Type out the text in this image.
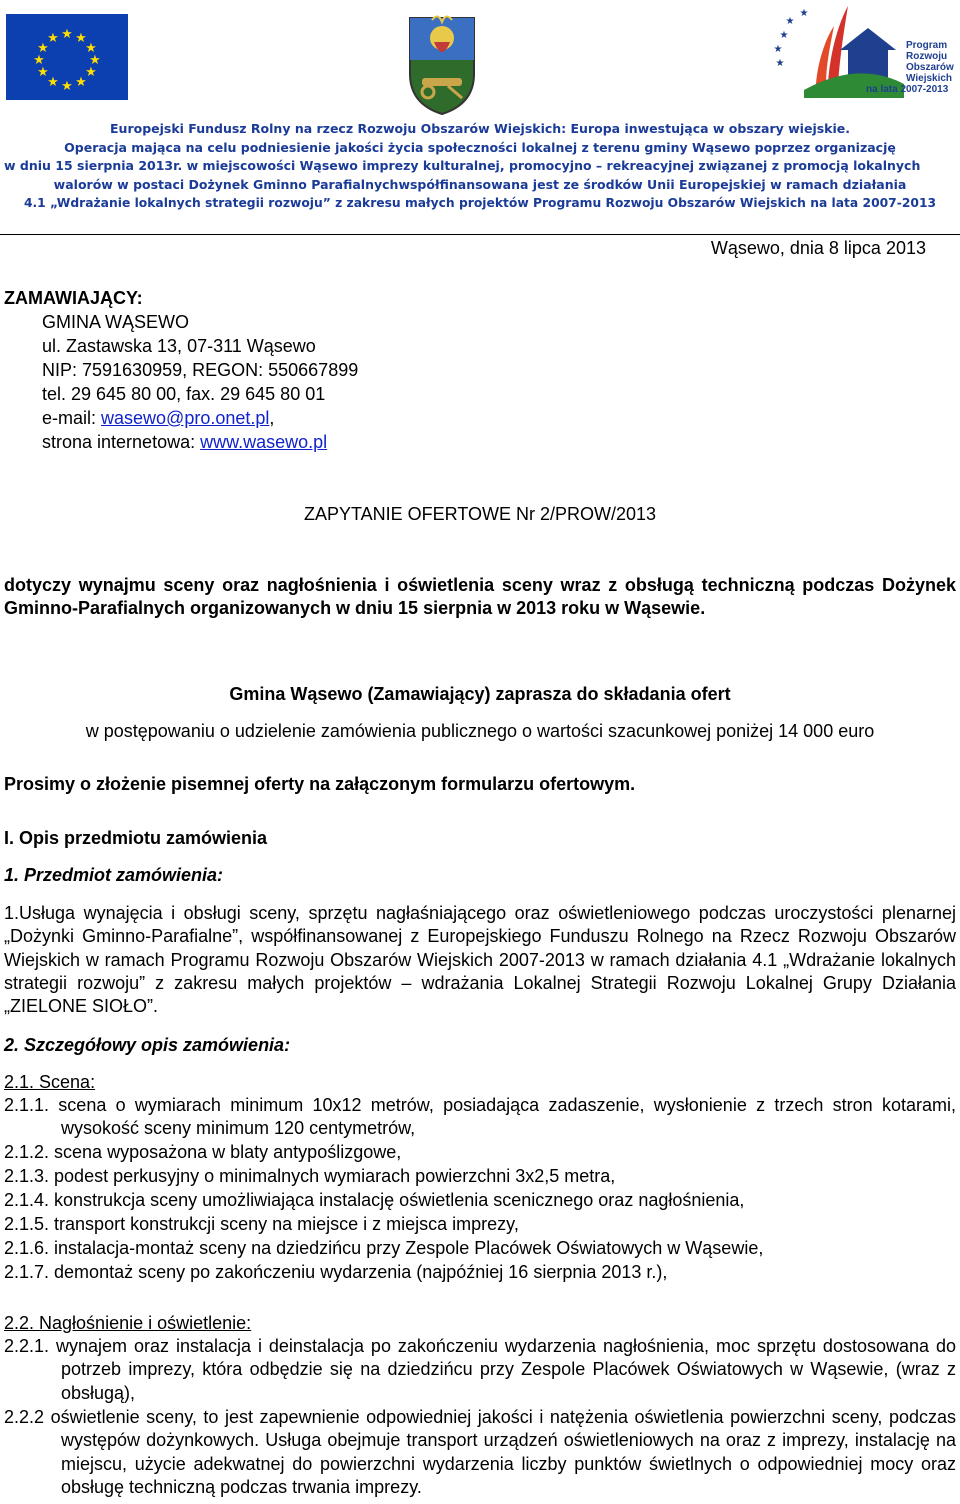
★ ★
★
★
★
★
★
★
★
★
★
★	★
★
★
★
★
Program
Rozwoju
Obszarów
Wiejskich
na lata 2007-2013
Europejski Fundusz Rolny na rzecz Rozwoju Obszarów Wiejskich: Europa inwestująca w obszary wiejskie.
Operacja mająca na celu podniesienie jakości życia społeczności lokalnej z terenu gminy Wąsewo poprzez organizację
w dniu 15 sierpnia 2013r. w miejscowości Wąsewo imprezy kulturalnej, promocyjno – rekreacyjnej związanej z promocją lokalnych
walorów w postaci Dożynek Gminno Parafialnychwspółfinansowana jest ze środków Unii Europejskiej w ramach działania
4.1 „Wdrażanie lokalnych strategii rozwoju” z zakresu małych projektów Programu Rozwoju Obszarów Wiejskich na lata 2007-2013
Wąsewo, dnia 8 lipca 2013
ZAMAWIAJĄCY:
GMINA WĄSEWO
ul. Zastawska 13, 07-311 Wąsewo
NIP: 7591630959, REGON: 550667899
tel. 29 645 80 00, fax. 29 645 80 01
e-mail: wasewo@pro.onet.pl,
strona internetowa: www.wasewo.pl
ZAPYTANIE OFERTOWE Nr 2/PROW/2013
dotyczy wynajmu sceny oraz nagłośnienia i oświetlenia sceny wraz z obsługą techniczną podczas Dożynek Gminno-Parafialnych organizowanych w dniu 15 sierpnia w 2013 roku w Wąsewie.
Gmina Wąsewo (Zamawiający) zaprasza do składania ofert
w postępowaniu o udzielenie zamówienia publicznego o wartości szacunkowej poniżej 14 000 euro
Prosimy o złożenie pisemnej oferty na załączonym formularzu ofertowym.
I. Opis przedmiotu zamówienia
1. Przedmiot zamówienia:
1.Usługa wynajęcia i obsługi sceny, sprzętu nagłaśniającego oraz oświetleniowego podczas uroczystości plenarnej „Dożynki Gminno-Parafialne”, współfinansowanej z Europejskiego Funduszu Rolnego na Rzecz Rozwoju Obszarów Wiejskich w ramach Programu Rozwoju Obszarów Wiejskich 2007-2013 w ramach działania 4.1 „Wdrażanie lokalnych strategii rozwoju” z zakresu małych projektów – wdrażania Lokalnej Strategii Rozwoju Lokalnej Grupy Działania „ZIELONE SIOŁO”.
2. Szczegółowy opis zamówienia:
2.1. Scena:
2.1.1. scena o wymiarach minimum 10x12 metrów, posiadająca zadaszenie, wysłonienie z trzech stron kotarami, wysokość sceny minimum 120 centymetrów,
2.1.2. scena wyposażona w blaty antypoślizgowe,
2.1.3. podest perkusyjny o minimalnych wymiarach powierzchni 3x2,5 metra,
2.1.4. konstrukcja sceny umożliwiająca instalację oświetlenia scenicznego oraz nagłośnienia,
2.1.5. transport konstrukcji sceny na miejsce i z miejsca imprezy,
2.1.6. instalacja-montaż sceny na dziedzińcu przy Zespole Placówek Oświatowych w Wąsewie,
2.1.7. demontaż sceny po zakończeniu wydarzenia (najpóźniej 16 sierpnia 2013 r.),
2.2. Nagłośnienie i oświetlenie:
2.2.1. wynajem oraz instalacja i deinstalacja po zakończeniu wydarzenia nagłośnienia, moc sprzętu dostosowana do potrzeb imprezy, która odbędzie się na dziedzińcu przy Zespole Placówek Oświatowych w Wąsewie, (wraz z obsługą),
2.2.2 oświetlenie sceny, to jest zapewnienie odpowiedniej jakości i natężenia oświetlenia powierzchni sceny, podczas występów dożynkowych. Usługa obejmuje transport urządzeń oświetleniowych na oraz z imprezy, instalację na miejscu, użycie adekwatnej do powierzchni wydarzenia liczby punktów świetlnych o odpowiedniej mocy oraz obsługę techniczną podczas trwania imprezy.
